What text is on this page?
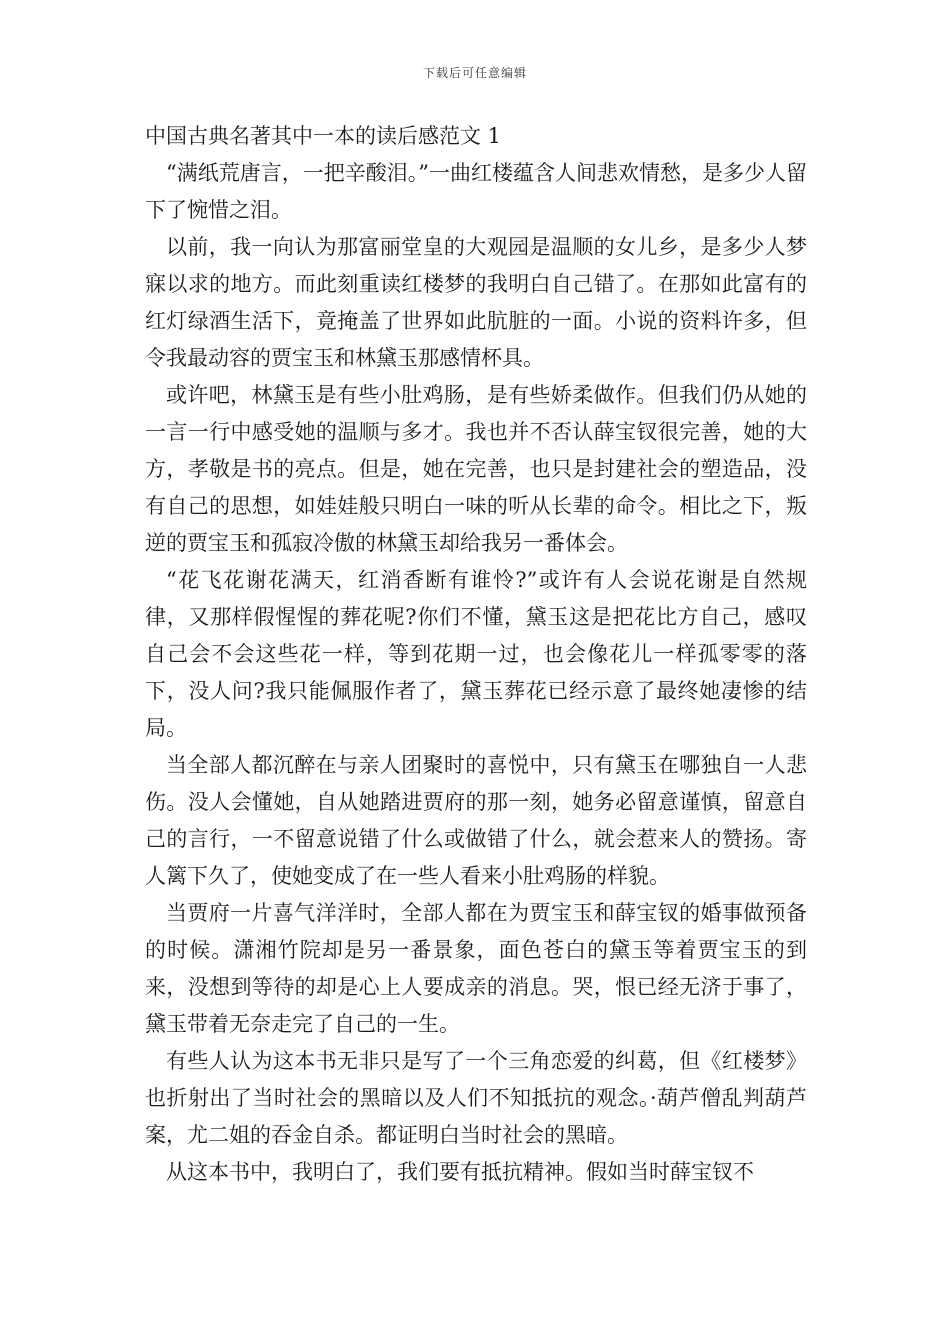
下载后可任意编辑

中国古典名著其中一本的读后感范文 1

“满纸荒唐言，一把辛酸泪。”一曲红楼蕴含人间悲欢情愁，是多少人留下了惋惜之泪。

以前，我一向认为那富丽堂皇的大观园是温顺的女儿乡，是多少人梦寐以求的地方。而此刻重读红楼梦的我明白自己错了。在那如此富有的红灯绿酒生活下，竟掩盖了世界如此肮脏的一面。小说的资料许多，但令我最动容的贾宝玉和林黛玉那感情杯具。

或许吧，林黛玉是有些小肚鸡肠，是有些娇柔做作。但我们仍从她的一言一行中感受她的温顺与多才。我也并不否认薛宝钗很完善，她的大方，孝敬是书的亮点。但是，她在完善，也只是封建社会的塑造品，没有自己的思想，如娃娃般只明白一味的听从长辈的命令。相比之下，叛逆的贾宝玉和孤寂冷傲的林黛玉却给我另一番体会。

“花飞花谢花满天，红消香断有谁怜?”或许有人会说花谢是自然规律，又那样假惺惺的葬花呢?你们不懂，黛玉这是把花比方自己，感叹自己会不会这些花一样，等到花期一过，也会像花儿一样孤零零的落下，没人问?我只能佩服作者了，黛玉葬花已经示意了最终她凄惨的结局。

当全部人都沉醉在与亲人团聚时的喜悦中，只有黛玉在哪独自一人悲伤。没人会懂她，自从她踏进贾府的那一刻，她务必留意谨慎，留意自己的言行，一不留意说错了什么或做错了什么，就会惹来人的赞扬。寄人篱下久了，使她变成了在一些人看来小肚鸡肠的样貌。

当贾府一片喜气洋洋时，全部人都在为贾宝玉和薛宝钗的婚事做预备的时候。潇湘竹院却是另一番景象，面色苍白的黛玉等着贾宝玉的到来，没想到等待的却是心上人要成亲的消息。哭，恨已经无济于事了，黛玉带着无奈走完了自己的一生。

有些人认为这本书无非只是写了一个三角恋爱的纠葛，但《红楼梦》也折射出了当时社会的黑暗以及人们不知抵抗的观念。·葫芦僧乱判葫芦案，尤二姐的吞金自杀。都证明白当时社会的黑暗。

从这本书中，我明白了，我们要有抵抗精神。假如当时薛宝钗不
